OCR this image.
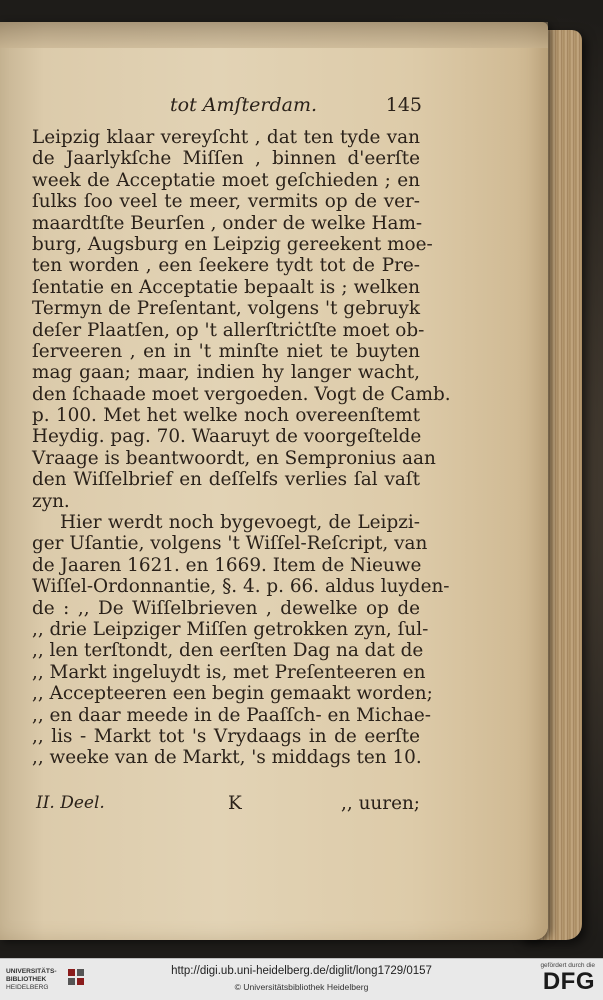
tot Amſterdam.	145
Leipzig klaar vereyſcht , dat ten tyde van
de Jaarlykſche Miſſen , binnen d'eerſte
week de Acceptatie moet geſchieden ; en
ſulks ſoo veel te meer, vermits op de ver-
maardtſte Beurſen , onder de welke Ham-
burg, Augsburg en Leipzig gereekent moe-
ten worden , een ſeekere tydt tot de Pre-
ſentatie en Acceptatie bepaalt is ; welken
Termyn de Preſentant, volgens 't gebruyk
deſer Plaatſen, op 't allerſtriċtſte moet ob-
ſerveeren , en in 't minſte niet te buyten
mag gaan; maar, indien hy langer wacht,
den ſchaade moet vergoeden. Vogt de Camb.
p. 100. Met het welke noch overeenſtemt
Heydig. pag. 70. Waaruyt de voorgeſtelde
Vraage is beantwoordt, en Sempronius aan
den Wiſſelbrief en deſſelfs verlies ſal vaſt
zyn.
Hier werdt noch bygevoegt, de Leipzi-
ger Uſantie, volgens 't Wiſſel-Reſcript, van
de Jaaren 1621. en 1669. Item de Nieuwe
Wiſſel-Ordonnantie, §. 4. p. 66. aldus luyden-
de : ,, De Wiſſelbrieven , dewelke op de
,, drie Leipziger Miſſen getrokken zyn, ſul-
,, len terſtondt, den eerſten Dag na dat de
,, Markt ingeluydt is, met Preſenteeren en
,, Accepteeren een begin gemaakt worden;
,, en daar meede in de Paaſſch- en Michae-
,, lis - Markt tot 's Vrydaags in de eerſte
,, weeke van de Markt, 's middags ten 10.
II. Deel.	K	,, uuren;
UNIVERSITÄTS-
BIBLIOTHEK
HEIDELBERG
http://digi.ub.uni-heidelberg.de/diglit/long1729/0157
© Universitätsbibliothek Heidelberg
gefördert durch die
DFG
